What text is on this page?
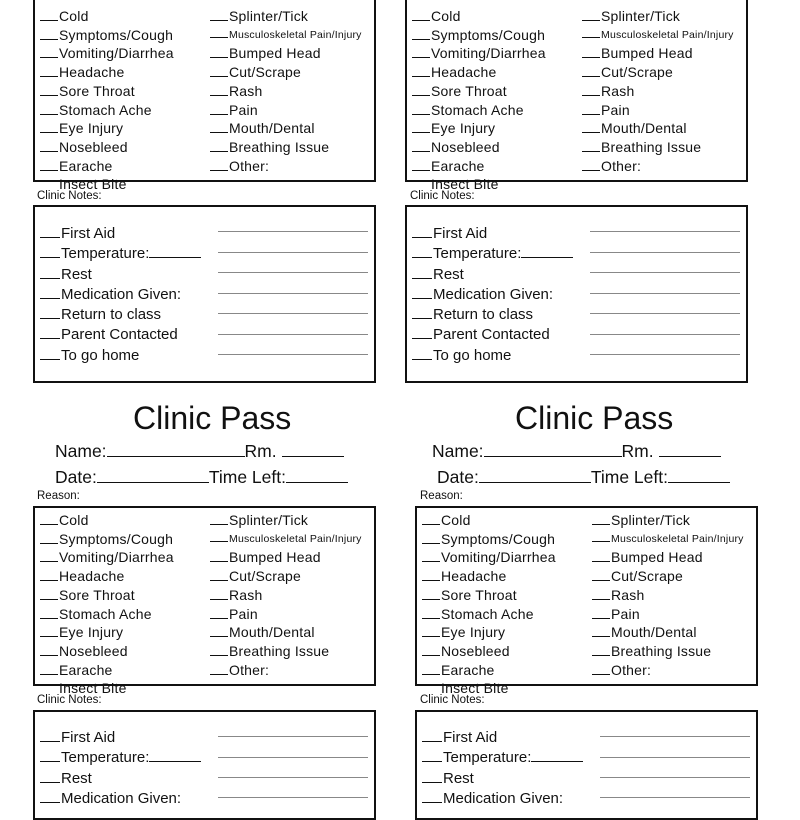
Cold
Symptoms/Cough
Vomiting/Diarrhea
Headache
Sore Throat
Stomach Ache
Eye Injury
Nosebleed
Earache
Insect Bite
Splinter/Tick
Musculoskeletal Pain/Injury
Bumped Head
Cut/Scrape
Rash
Pain
Mouth/Dental
Breathing Issue
Other:
Clinic Notes:
First Aid
Temperature:
Rest
Medication Given:
Return to class
Parent Contacted
To go home
Cold
Symptoms/Cough
Vomiting/Diarrhea
Headache
Sore Throat
Stomach Ache
Eye Injury
Nosebleed
Earache
Insect Bite
Splinter/Tick
Musculoskeletal Pain/Injury
Bumped Head
Cut/Scrape
Rash
Pain
Mouth/Dental
Breathing Issue
Other:
Clinic Notes:
First Aid
Temperature:
Rest
Medication Given:
Return to class
Parent Contacted
To go home
Clinic Pass
Name:	Rm.
Date:	Time Left:
Reason:
Cold
Symptoms/Cough
Vomiting/Diarrhea
Headache
Sore Throat
Stomach Ache
Eye Injury
Nosebleed
Earache
Insect Bite
Splinter/Tick
Musculoskeletal Pain/Injury
Bumped Head
Cut/Scrape
Rash
Pain
Mouth/Dental
Breathing Issue
Other:
Clinic Notes:
First Aid
Temperature:
Rest
Medication Given:
Clinic Pass
Name:	Rm.
Date:	Time Left:
Reason:
Cold
Symptoms/Cough
Vomiting/Diarrhea
Headache
Sore Throat
Stomach Ache
Eye Injury
Nosebleed
Earache
Insect Bite
Splinter/Tick
Musculoskeletal Pain/Injury
Bumped Head
Cut/Scrape
Rash
Pain
Mouth/Dental
Breathing Issue
Other:
Clinic Notes:
First Aid
Temperature:
Rest
Medication Given:
